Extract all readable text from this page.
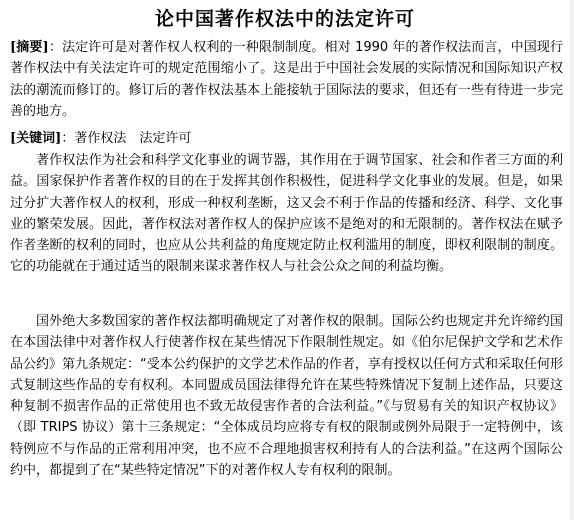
论中国著作权法中的法定许可

[摘要]：法定许可是对著作权人权利的一种限制制度。相对 1990 年的著作权法而言，中国现行著作权法中有关法定许可的规定范围缩小了。这是出于中国社会发展的实际情况和国际知识产权法的潮流而修订的。修订后的著作权法基本上能接轨于国际法的要求，但还有一些有待进一步完善的地方。

[关键词]：著作权法　法定许可

著作权法作为社会和科学文化事业的调节器，其作用在于调节国家、社会和作者三方面的利益。国家保护作者著作权的目的在于发挥其创作积极性，促进科学文化事业的发展。但是，如果过分扩大著作权人的权利，形成一种权利垄断，这又会不利于作品的传播和经济、科学、文化事业的繁荣发展。因此，著作权法对著作权人的保护应该不是绝对的和无限制的。著作权法在赋予作者垄断的权利的同时，也应从公共利益的角度规定防止权利滥用的制度，即权利限制的制度。它的功能就在于通过适当的限制来谋求著作权人与社会公众之间的利益均衡。

国外绝大多数国家的著作权法都明确规定了对著作权的限制。国际公约也规定并允许缔约国在本国法律中对著作权人行使著作权在某些情况下作限制性规定。如《伯尔尼保护文学和艺术作品公约》第九条规定：“受本公约保护的文学艺术作品的作者，享有授权以任何方式和采取任何形式复制这些作品的专有权利。本同盟成员国法律得允许在某些特殊情况下复制上述作品，只要这种复制不损害作品的正常使用也不致无故侵害作者的合法利益。”《与贸易有关的知识产权协议》（即 TRIPS 协议）第十三条规定：“全体成员均应将专有权的限制或例外局限于一定特例中，该特例应不与作品的正常利用冲突，也不应不合理地损害权利持有人的合法利益。”在这两个国际公约中，都提到了在“某些特定情况”下的对著作权人专有权利的限制。
